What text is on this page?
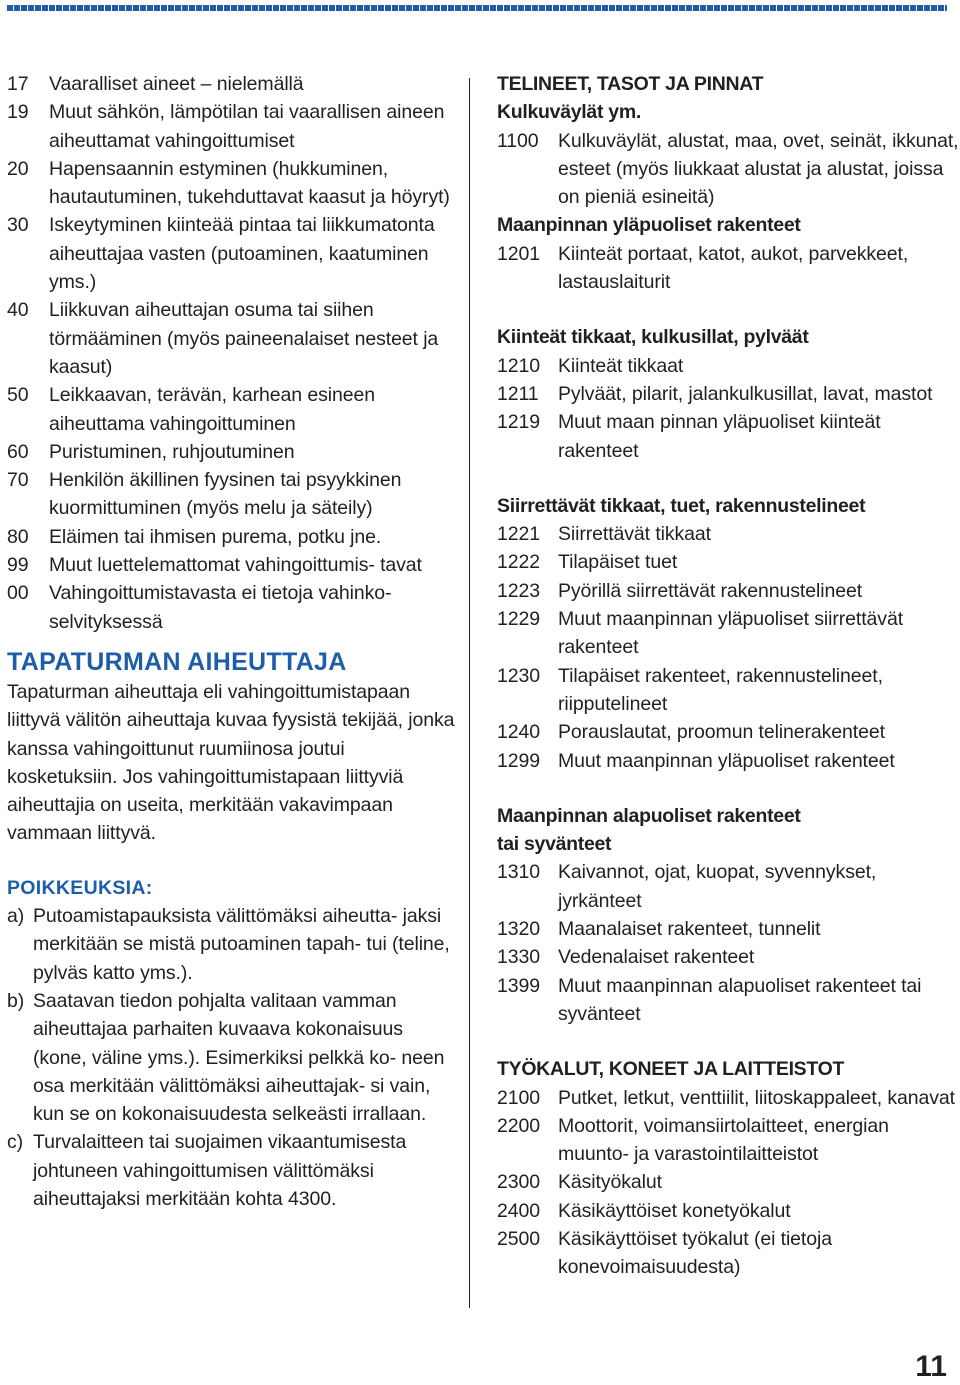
17	Vaaralliset aineet – nielemällä
19	Muut sähkön, lämpötilan tai vaarallisen aineen aiheuttamat vahingoittumiset
20	Hapensaannin estyminen (hukkuminen, hautautuminen, tukehduttavat kaasut ja höyryt)
30	Iskeytyminen kiinteää pintaa tai liikkumatonta aiheuttajaa vasten (putoaminen, kaatuminen yms.)
40	Liikkuvan aiheuttajan osuma tai siihen törmääminen (myös paineenalaiset nesteet ja kaasut)
50	Leikkaavan, terävän, karhean esineen aiheuttama vahingoittuminen
60	Puristuminen, ruhjoutuminen
70	Henkilön äkillinen fyysinen tai psyykkinen kuormittuminen (myös melu ja säteily)
80	Eläimen tai ihmisen purema, potku jne.
99	Muut luettelemattomat vahingoittumis- tavat
00	Vahingoittumistavasta ei tietoja vahinko- selvityksessä
TAPATURMAN AIHEUTTAJA

Tapaturman aiheuttaja eli vahingoittumistapaan liittyvä välitön aiheuttaja kuvaa fyysistä tekijää, jonka kanssa vahingoittunut ruumiinosa joutui kosketuksiin. Jos vahingoittumistapaan liittyviä aiheuttajia on useita, merkitään vakavimpaan vammaan liittyvä.

POIKKEUKSIA:
a) Putoamistapauksista välittömäksi aiheutta- jaksi merkitään se mistä putoaminen tapah- tui (teline, pylväs katto yms.).
b) Saatavan tiedon pohjalta valitaan vamman aiheuttajaa parhaiten kuvaava kokonaisuus (kone, väline yms.). Esimerkiksi pelkkä ko- neen osa merkitään välittömäksi aiheuttajak- si vain, kun se on kokonaisuudesta selkeästi irrallaan.
c) Turvalaitteen tai suojaimen vikaantumisesta johtuneen vahingoittumisen välittömäksi aiheuttajaksi merkitään kohta 4300.
TELINEET, TASOT JA PINNAT
Kulkuväylät ym.
1100 Kulkuväylät, alustat, maa, ovet, seinät, ikkunat, esteet (myös liukkaat alustat ja alustat, joissa on pieniä esineitä)
Maanpinnan yläpuoliset rakenteet
1201 Kiinteät portaat, katot, aukot, parvekkeet, lastauslaiturit
Kiinteät tikkaat, kulkusillat, pylväät
1210 Kiinteät tikkaat
1211 Pylväät, pilarit, jalankulkusillat, lavat, mastot
1219 Muut maan pinnan yläpuoliset kiinteät rakenteet
Siirrettävät tikkaat, tuet, rakennustelineet
1221 Siirrettävät tikkaat
1222 Tilapäiset tuet
1223 Pyörillä siirrettävät rakennustelineet
1229 Muut maanpinnan yläpuoliset siirrettävät rakenteet
1230 Tilapäiset rakenteet, rakennustelineet, riipputelineet
1240 Porauslautat, proomun telinerakenteet
1299 Muut maanpinnan yläpuoliset rakenteet
Maanpinnan alapuoliset rakenteet
tai syvänteet
1310 Kaivannot, ojat, kuopat, syvennykset, jyrkänteet
1320 Maanalaiset rakenteet, tunnelit
1330 Vedenalaiset rakenteet
1399 Muut maanpinnan alapuoliset rakenteet tai syvänteet
TYÖKALUT, KONEET JA LAITTEISTOT
2100 Putket, letkut, venttiilit, liitoskappaleet, kanavat
2200 Moottorit, voimansiirtolaitteet, energian muunto- ja varastointilaitteistot
2300 Käsityökalut
2400 Käsikäyttöiset konetyökalut
2500 Käsikäyttöiset työkalut (ei tietoja konevoimaisuudesta)
11
